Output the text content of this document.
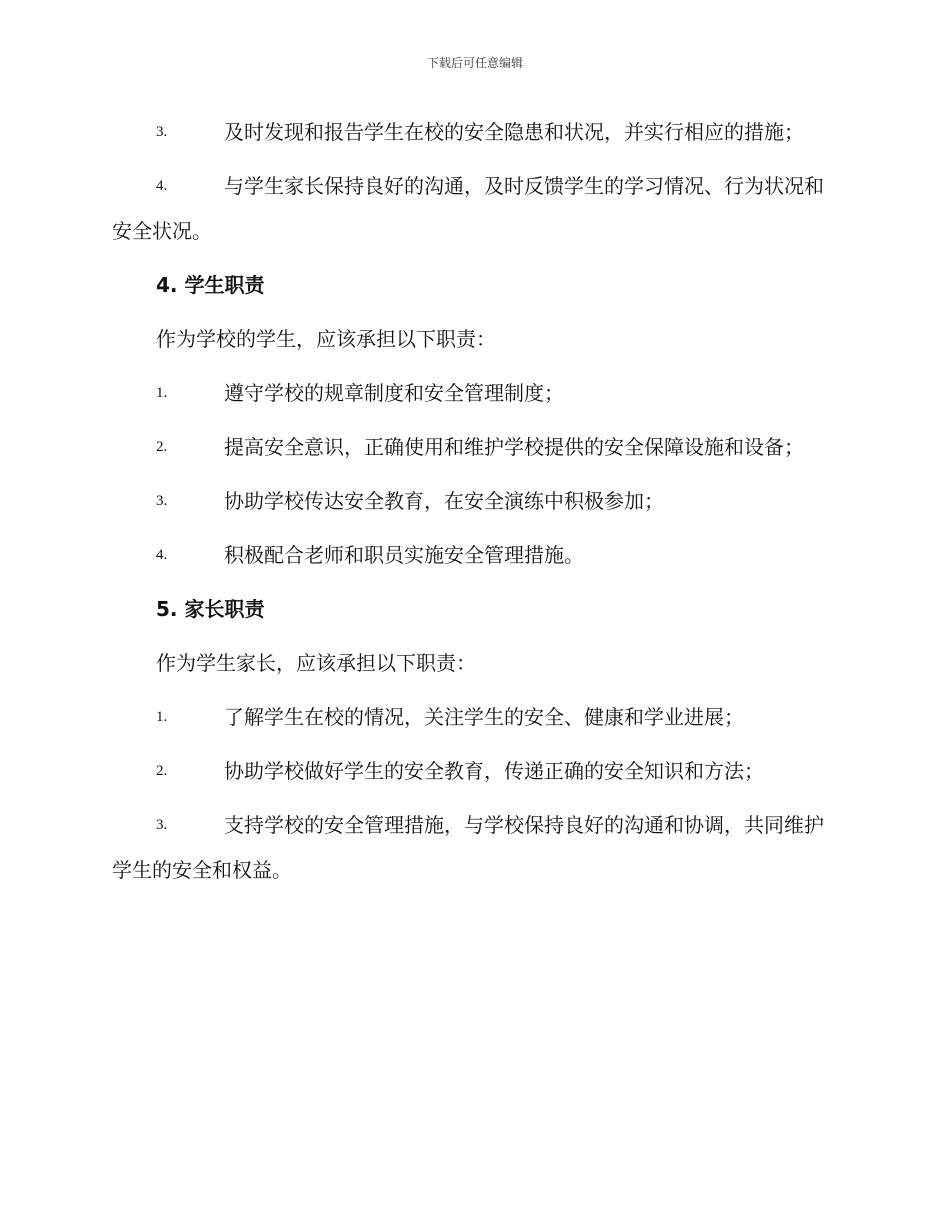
下载后可任意编辑
3.	及时发现和报告学生在校的安全隐患和状况，并实行相应的措施；
4.	与学生家长保持良好的沟通，及时反馈学生的学习情况、行为状况和安全状况。
4. 学生职责
作为学校的学生，应该承担以下职责：
1.	遵守学校的规章制度和安全管理制度；
2.	提高安全意识，正确使用和维护学校提供的安全保障设施和设备；
3.	协助学校传达安全教育，在安全演练中积极参加；
4.	积极配合老师和职员实施安全管理措施。
5. 家长职责
作为学生家长，应该承担以下职责：
1.	了解学生在校的情况，关注学生的安全、健康和学业进展；
2.	协助学校做好学生的安全教育，传递正确的安全知识和方法；
3.	支持学校的安全管理措施，与学校保持良好的沟通和协调，共同维护学生的安全和权益。
